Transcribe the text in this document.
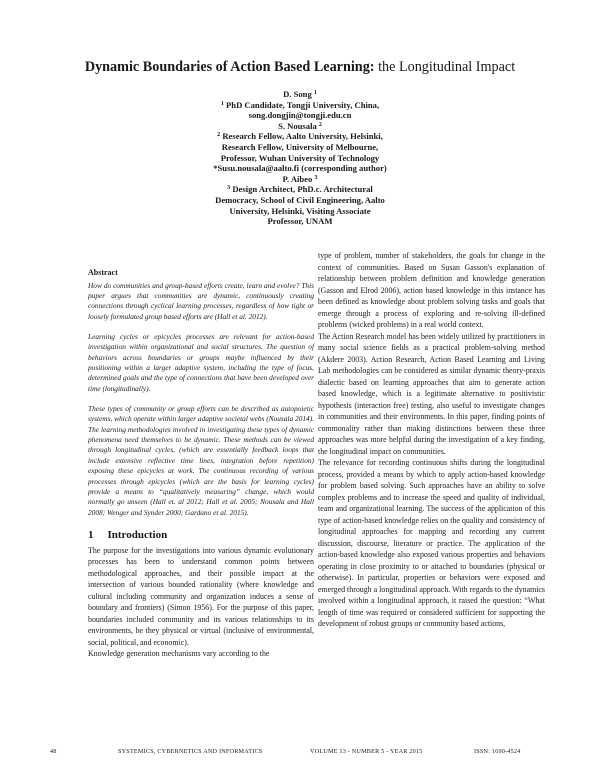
Dynamic Boundaries of Action Based Learning: the Longitudinal Impact
D. Song $^1$
$^1$ PhD Candidate, Tongji University, China,
song.dongjin@tongji.edu.cn
S. Nousala $^2$
$^2$ Research Fellow, Aalto University, Helsinki,
Research Fellow, University of Melbourne,
Professor, Wuhan University of Technology
*Susu.nousala@aalto.fi (corresponding author)
P. Aibeo $^3$
$^3$ Design Architect, PhD.c. Architectural
Democracy, School of Civil Engineering, Aalto
University, Helsinki, Visiting Associate
Professor, UNAM

Abstract

How do communities and group-based efforts create, learn and evolve? This paper argues that communities are dynamic, continuously creating connections through cyclical learning processes, regardless of how tight or loosely formulated group based efforts are (Hall et al. 2012).

Learning cycles or epicycles processes are relevant for action-based investigation within organizational and social structures. The question of behaviors across boundaries or groups maybe influenced by their positioning within a larger adaptive system, including the type of focus, determined goals and the type of connections that have been developed over time (longitudinally).

These types of community or group efforts can be described as autopoietic systems, which operate within larger adaptive societal webs (Nousala 2014). The learning methodologies involved in investigating these types of dynamic phenomena need themselves to be dynamic. These methods can be viewed through longitudinal cycles, (which are essentially feedback loops that include extensive reflective time lines, integration before repetition) exposing these epicycles at work. The continuous recording of various processes through epicycles (which are the basis for learning cycles) provide a means to “qualitatively measuring” change, which would normally go unseen (Hall et. al 2012; Hall et al. 2005; Nousala and Hall 2008; Wenger and Synder 2000; Gardano et al. 2015).

1 Introduction

The purpose for the investigations into various dynamic evolutionary processes has been to understand common points between methodological approaches, and their possible impact at the intersection of various bounded rationality (where knowledge and cultural including community and organization induces a sense of boundary and frontiers) (Simon 1956). For the purpose of this paper, boundaries included community and its various relationships to its environments, be they physical or virtual (inclusive of environmental, social, political, and economic).

Knowledge generation mechanisms vary according to the

type of problem, number of stakeholders, the goals for change in the context of communities. Based on Susan Gasson's explanation of relationship between problem definition and knowledge generation (Gasson and Elrod 2006), action based knowledge in this instance has been defined as knowledge about problem solving tasks and goals that emerge through a process of exploring and re-solving ill-defined problems (wicked problems) in a real world context.

The Action Research model has been widely utilized by practitioners in many social science fields as a practical problem-solving method (Akdere 2003). Action Research, Action Based Learning and Living Lab methodologies can be considered as similar dynamic theory-praxis dialectic based on learning approaches that aim to generate action based knowledge, which is a legitimate alternative to positivistic hypothesis (interaction free) testing, also useful to investigate changes in communities and their environments. In this paper, finding points of commonality rather than making distinctions between these three approaches was more helpful during the investigation of a key finding, the longitudinal impact on communities.

The relevance for recording continuous shifts during the longitudinal process, provided a means by which to apply action-based knowledge for problem based solving. Such approaches have an ability to solve complex problems and to increase the speed and quality of individual, team and organizational learning. The success of the application of this type of action-based knowledge relies on the quality and consistency of longitudinal approaches for mapping and recording any current discussion, discourse, literature or practice. The application of the action-based knowledge also exposed various properties and behaviors operating in close proximity to or attached to boundaries (physical or otherwise). In particular, properties or behaviors were exposed and emerged through a longitudinal approach. With regards to the dynamics involved within a longitudinal approach, it raised the question: “What length of time was required or considered sufficient for supporting the development of robust groups or community based actions,

48	SYSTEMICS, CYBERNETICS AND INFORMATICS	VOLUME 13 - NUMBER 5 - YEAR 2015	ISSN: 1690-4524
